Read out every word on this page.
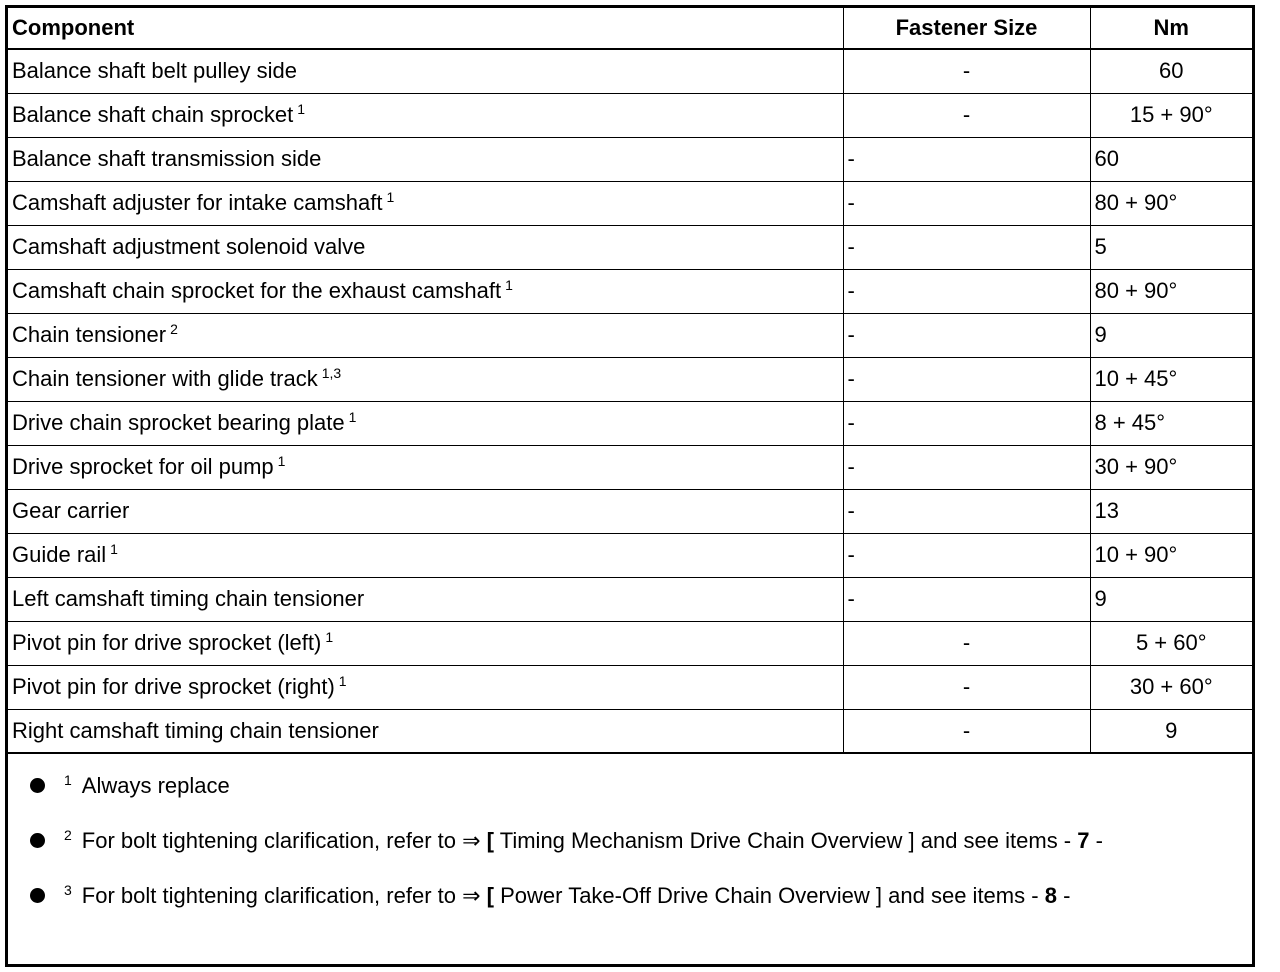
Component	Fastener Size	Nm
Balance shaft belt pulley side	-	60
Balance shaft chain sprocket $^1$	-	15 + 90°
Balance shaft transmission side	-	60
Camshaft adjuster for intake camshaft $^1$	-	80 + 90°
Camshaft adjustment solenoid valve	-	5
Camshaft chain sprocket for the exhaust camshaft $^1$	-	80 + 90°
Chain tensioner $^2$	-	9
Chain tensioner with glide track $^{1,3}$	-	10 + 45°
Drive chain sprocket bearing plate $^1$	-	8 + 45°
Drive sprocket for oil pump $^1$	-	30 + 90°
Gear carrier	-	13
Guide rail $^1$	-	10 + 90°
Left camshaft timing chain tensioner	-	9
Pivot pin for drive sprocket (left) $^1$	-	5 + 60°
Pivot pin for drive sprocket (right) $^1$	-	30 + 60°
Right camshaft timing chain tensioner	-	9
$^1$ Always replace
$^2$ For bolt tightening clarification, refer to ⇒ [ Timing Mechanism Drive Chain Overview ] and see items - 7 -
$^3$ For bolt tightening clarification, refer to ⇒ [ Power Take-Off Drive Chain Overview ] and see items - 8 -
